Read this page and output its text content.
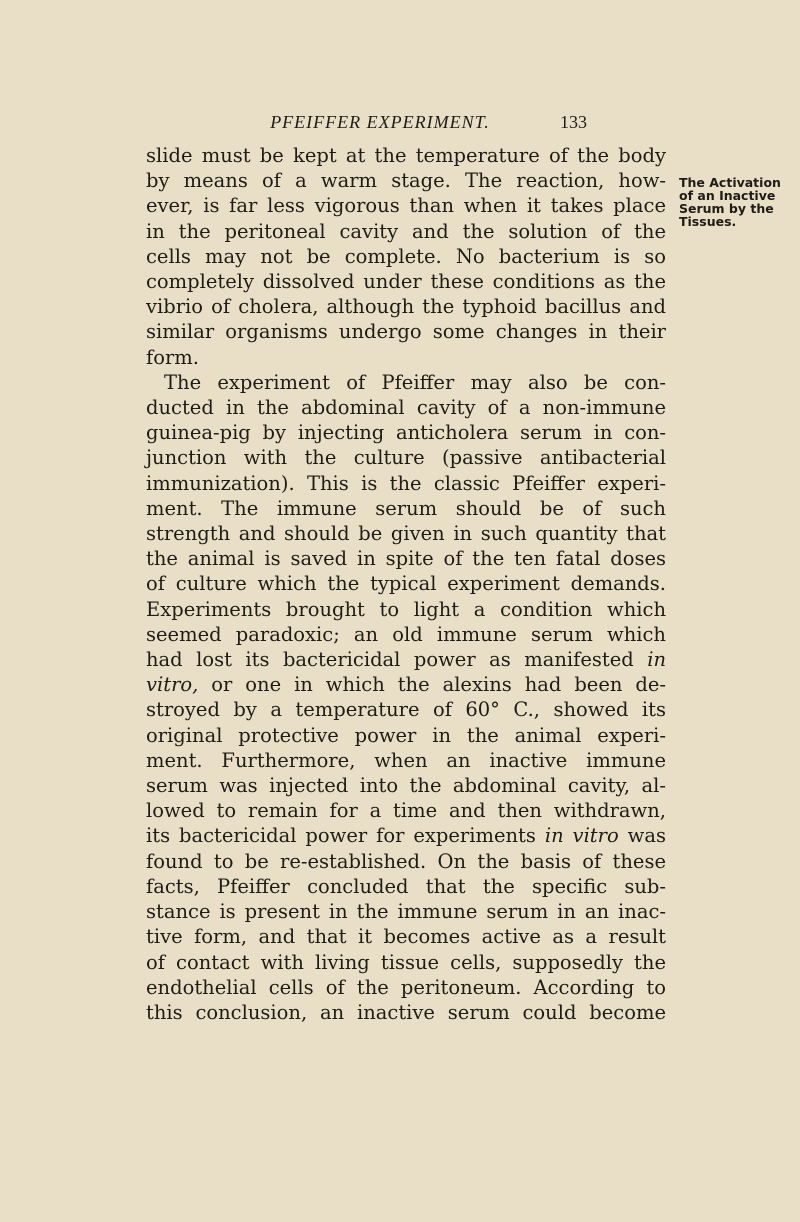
PFEIFFER EXPERIMENT.	133
slide must be kept at the temperature of the body
by means of a warm stage. The reaction, how-
ever, is far less vigorous than when it takes place
in the peritoneal cavity and the solution of the
cells may not be complete. No bacterium is so
completely dissolved under these conditions as the
vibrio of cholera, although the typhoid bacillus and
similar organisms undergo some changes in their
form.
The experiment of Pfeiffer may also be con-
ducted in the abdominal cavity of a non-immune
guinea-pig by injecting anticholera serum in con-
junction with the culture (passive antibacterial
immunization). This is the classic Pfeiffer experi-
ment. The immune serum should be of such
strength and should be given in such quantity that
the animal is saved in spite of the ten fatal doses
of culture which the typical experiment demands.
Experiments brought to light a condition which
seemed paradoxic; an old immune serum which
had lost its bactericidal power as manifested in
vitro, or one in which the alexins had been de-
stroyed by a temperature of 60° C., showed its
original protective power in the animal experi-
ment. Furthermore, when an inactive immune
serum was injected into the abdominal cavity, al-
lowed to remain for a time and then withdrawn,
its bactericidal power for experiments in vitro was
found to be re-established. On the basis of these
facts, Pfeiffer concluded that the specific sub-
stance is present in the immune serum in an inac-
tive form, and that it becomes active as a result
of contact with living tissue cells, supposedly the
endothelial cells of the peritoneum. According to
this conclusion, an inactive serum could become
The Activation
of an Inactive
Serum by the
Tissues.
